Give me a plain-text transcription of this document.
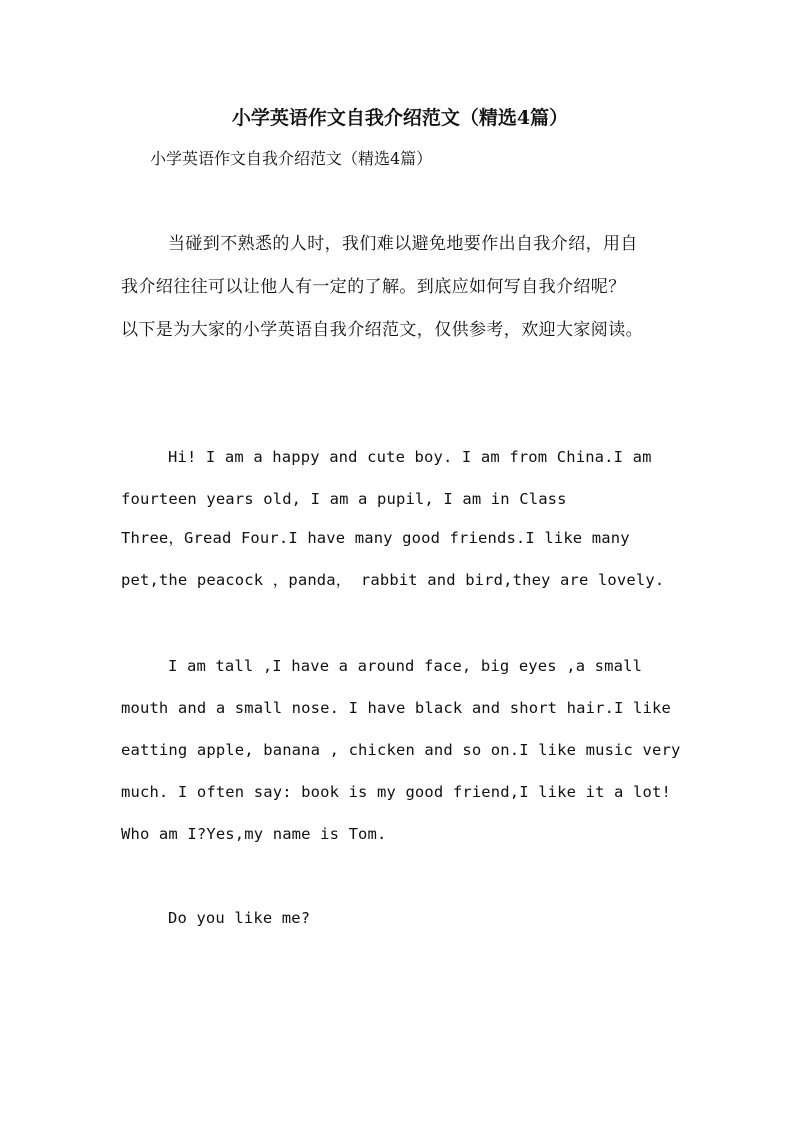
小学英语作文自我介绍范文（精选4篇）
小学英语作文自我介绍范文（精选4篇）
当碰到不熟悉的人时，我们难以避免地要作出自我介绍，用自
我介绍往往可以让他人有一定的了解。到底应如何写自我介绍呢？
以下是为大家的小学英语自我介绍范文，仅供参考，欢迎大家阅读。
Hi! I am a happy and cute boy. I am from China.I am
fourteen years old, I am a pupil, I am in Class
Three，Gread Four.I have many good friends.I like many
pet,the peacock ，panda， rabbit and bird,they are lovely.
I am tall ,I have a around face, big eyes ,a small
mouth and a small nose. I have black and short hair.I like
eatting apple, banana , chicken and so on.I like music very
much. I often say: book is my good friend,I like it a lot!
Who am I?Yes,my name is Tom.
Do you like me?
